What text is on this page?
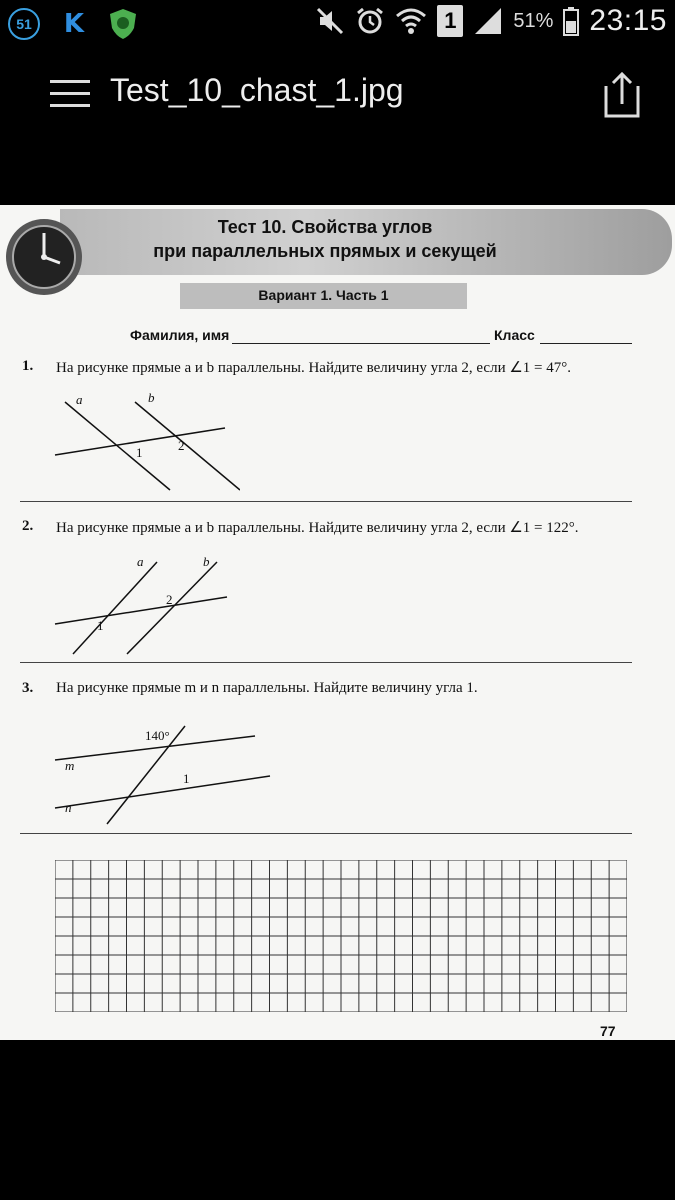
51	K	1	51% 23:15
Test_10_chast_1.jpg
Тест 10. Свойства углов
при параллельных прямых и секущей
Вариант 1. Часть 1
Фамилия, имя	Класс
1. На рисунке прямые a и b параллельны. Найдите величину угла 2, если ∠1 = 47°.
a	b
1	2
2. На рисунке прямые a и b параллельны. Найдите величину угла 2, если ∠1 = 122°.
a	b
1
2
3. На рисунке прямые m и n параллельны. Найдите величину угла 1.
140°
m
n
1
77
